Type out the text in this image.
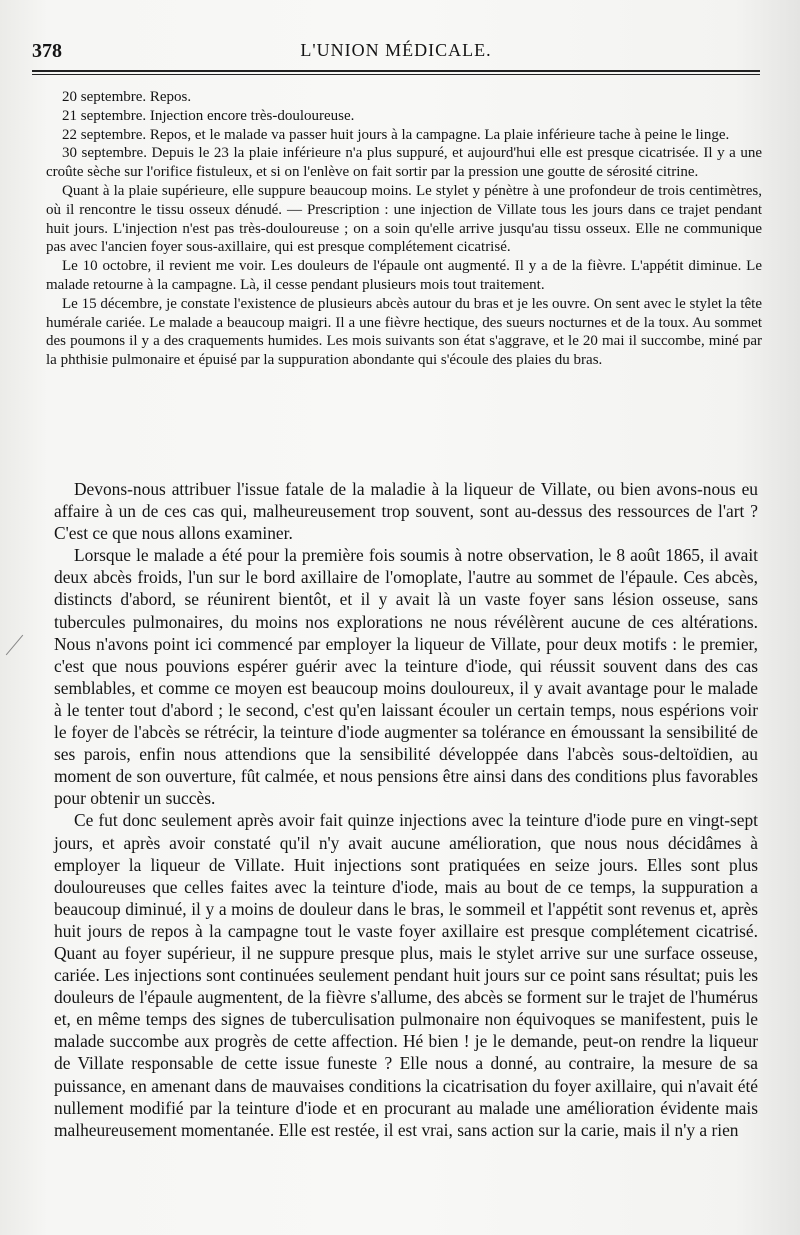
378	L'UNION MÉDICALE.

20 septembre. Repos.

21 septembre. Injection encore très-douloureuse.

22 septembre. Repos, et le malade va passer huit jours à la campagne. La plaie inférieure tache à peine le linge.

30 septembre. Depuis le 23 la plaie inférieure n'a plus suppuré, et aujourd'hui elle est presque cicatrisée. Il y a une croûte sèche sur l'orifice fistuleux, et si on l'enlève on fait sortir par la pression une goutte de sérosité citrine.

Quant à la plaie supérieure, elle suppure beaucoup moins. Le stylet y pénètre à une profondeur de trois centimètres, où il rencontre le tissu osseux dénudé. — Prescription : une injection de Villate tous les jours dans ce trajet pendant huit jours. L'injection n'est pas très-douloureuse ; on a soin qu'elle arrive jusqu'au tissu osseux. Elle ne communique pas avec l'ancien foyer sous-axillaire, qui est presque complétement cicatrisé.

Le 10 octobre, il revient me voir. Les douleurs de l'épaule ont augmenté. Il y a de la fièvre. L'appétit diminue. Le malade retourne à la campagne. Là, il cesse pendant plusieurs mois tout traitement.

Le 15 décembre, je constate l'existence de plusieurs abcès autour du bras et je les ouvre. On sent avec le stylet la tête humérale cariée. Le malade a beaucoup maigri. Il a une fièvre hectique, des sueurs nocturnes et de la toux. Au sommet des poumons il y a des craquements humides. Les mois suivants son état s'aggrave, et le 20 mai il succombe, miné par la phthisie pulmonaire et épuisé par la suppuration abondante qui s'écoule des plaies du bras.

Devons-nous attribuer l'issue fatale de la maladie à la liqueur de Villate, ou bien avons-nous eu affaire à un de ces cas qui, malheureusement trop souvent, sont au-dessus des ressources de l'art ? C'est ce que nous allons examiner.

Lorsque le malade a été pour la première fois soumis à notre observation, le 8 août 1865, il avait deux abcès froids, l'un sur le bord axillaire de l'omoplate, l'autre au sommet de l'épaule. Ces abcès, distincts d'abord, se réunirent bientôt, et il y avait là un vaste foyer sans lésion osseuse, sans tubercules pulmonaires, du moins nos explorations ne nous révélèrent aucune de ces altérations. Nous n'avons point ici commencé par employer la liqueur de Villate, pour deux motifs : le premier, c'est que nous pouvions espérer guérir avec la teinture d'iode, qui réussit souvent dans des cas semblables, et comme ce moyen est beaucoup moins douloureux, il y avait avantage pour le malade à le tenter tout d'abord ; le second, c'est qu'en laissant écouler un certain temps, nous espérions voir le foyer de l'abcès se rétrécir, la teinture d'iode augmenter sa tolérance en émoussant la sensibilité de ses parois, enfin nous attendions que la sensibilité développée dans l'abcès sous-deltoïdien, au moment de son ouverture, fût calmée, et nous pensions être ainsi dans des conditions plus favorables pour obtenir un succès.

Ce fut donc seulement après avoir fait quinze injections avec la teinture d'iode pure en vingt-sept jours, et après avoir constaté qu'il n'y avait aucune amélioration, que nous nous décidâmes à employer la liqueur de Villate. Huit injections sont pratiquées en seize jours. Elles sont plus douloureuses que celles faites avec la teinture d'iode, mais au bout de ce temps, la suppuration a beaucoup diminué, il y a moins de douleur dans le bras, le sommeil et l'appétit sont revenus et, après huit jours de repos à la campagne tout le vaste foyer axillaire est presque complétement cicatrisé. Quant au foyer supérieur, il ne suppure presque plus, mais le stylet arrive sur une surface osseuse, cariée. Les injections sont continuées seulement pendant huit jours sur ce point sans résultat; puis les douleurs de l'épaule augmentent, de la fièvre s'allume, des abcès se forment sur le trajet de l'humérus et, en même temps des signes de tuberculisation pulmonaire non équivoques se manifestent, puis le malade succombe aux progrès de cette affection. Hé bien ! je le demande, peut-on rendre la liqueur de Villate responsable de cette issue funeste ? Elle nous a donné, au contraire, la mesure de sa puissance, en amenant dans de mauvaises conditions la cicatrisation du foyer axillaire, qui n'avait été nullement modifié par la teinture d'iode et en procurant au malade une amélioration évidente mais malheureusement momentanée. Elle est restée, il est vrai, sans action sur la carie, mais il n'y a rien
